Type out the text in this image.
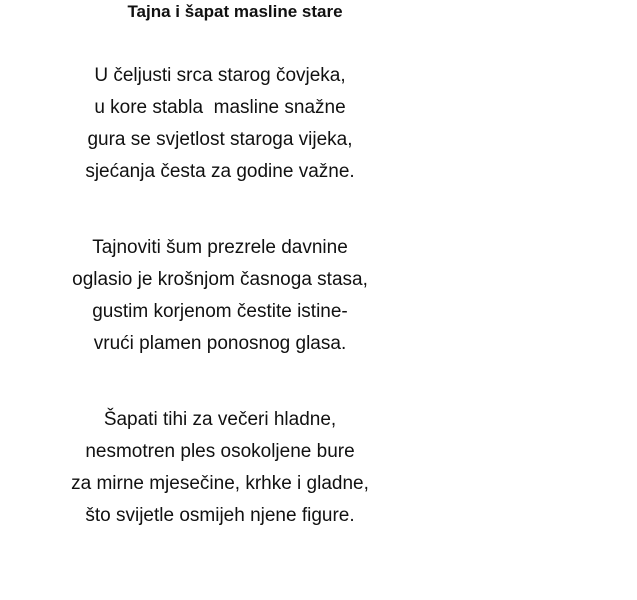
Tajna i šapat masline stare
U čeljusti srca starog čovjeka,
u kore stabla  masline snažne
gura se svjetlost staroga vijeka,
sjećanja česta za godine važne.
Tajnoviti šum prezrele davnine
oglasio je krošnjom časnoga stasa,
gustim korjenom čestite istine-
vrući plamen ponosnog glasa.
Šapati tihi za večeri hladne,
nesmotren ples osokoljene bure
za mirne mjesečine, krhke i gladne,
što svijetle osmijeh njene figure.
